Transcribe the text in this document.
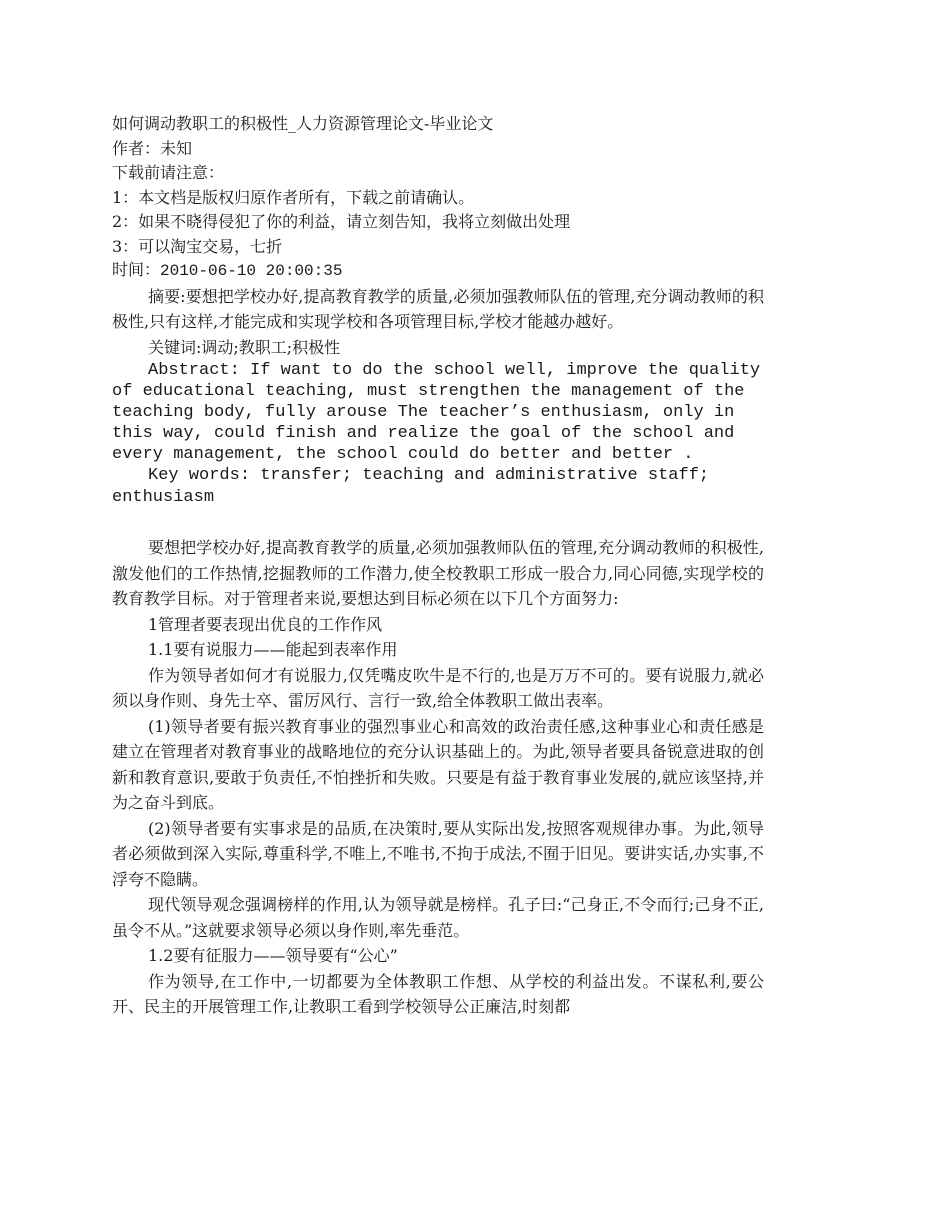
如何调动教职工的积极性_人力资源管理论文-毕业论文

作者：未知

下载前请注意：

1：本文档是版权归原作者所有，下载之前请确认。

2：如果不晓得侵犯了你的利益，请立刻告知，我将立刻做出处理

3：可以淘宝交易，七折

时间：2010-06-10 20:00:35

摘要:要想把学校办好,提高教育教学的质量,必须加强教师队伍的管理,充分调动教师的积极性,只有这样,才能完成和实现学校和各项管理目标,学校才能越办越好。

关键词:调动;教职工;积极性

Abstract: If want to do the school well, improve the quality of educational teaching, must strengthen the management of the teaching body, fully arouse The teacher’s enthusiasm, only in this way, could finish and realize the goal of the school and every management, the school could do better and better .

Key words: transfer; teaching and administrative staff; enthusiasm

要想把学校办好,提高教育教学的质量,必须加强教师队伍的管理,充分调动教师的积极性,激发他们的工作热情,挖掘教师的工作潜力,使全校教职工形成一股合力,同心同德,实现学校的教育教学目标。对于管理者来说,要想达到目标必须在以下几个方面努力:

1管理者要表现出优良的工作作风

1.1要有说服力——能起到表率作用

作为领导者如何才有说服力,仅凭嘴皮吹牛是不行的,也是万万不可的。要有说服力,就必须以身作则、身先士卒、雷厉风行、言行一致,给全体教职工做出表率。

(1)领导者要有振兴教育事业的强烈事业心和高效的政治责任感,这种事业心和责任感是建立在管理者对教育事业的战略地位的充分认识基础上的。为此,领导者要具备锐意进取的创新和教育意识,要敢于负责任,不怕挫折和失败。只要是有益于教育事业发展的,就应该坚持,并为之奋斗到底。

(2)领导者要有实事求是的品质,在决策时,要从实际出发,按照客观规律办事。为此,领导者必须做到深入实际,尊重科学,不唯上,不唯书,不拘于成法,不囿于旧见。要讲实话,办实事,不浮夸不隐瞒。

现代领导观念强调榜样的作用,认为领导就是榜样。孔子曰:“己身正,不令而行;己身不正,虽令不从。”这就要求领导必须以身作则,率先垂范。

1.2要有征服力——领导要有“公心”

作为领导,在工作中,一切都要为全体教职工作想、从学校的利益出发。不谋私利,要公开、民主的开展管理工作,让教职工看到学校领导公正廉洁,时刻都
